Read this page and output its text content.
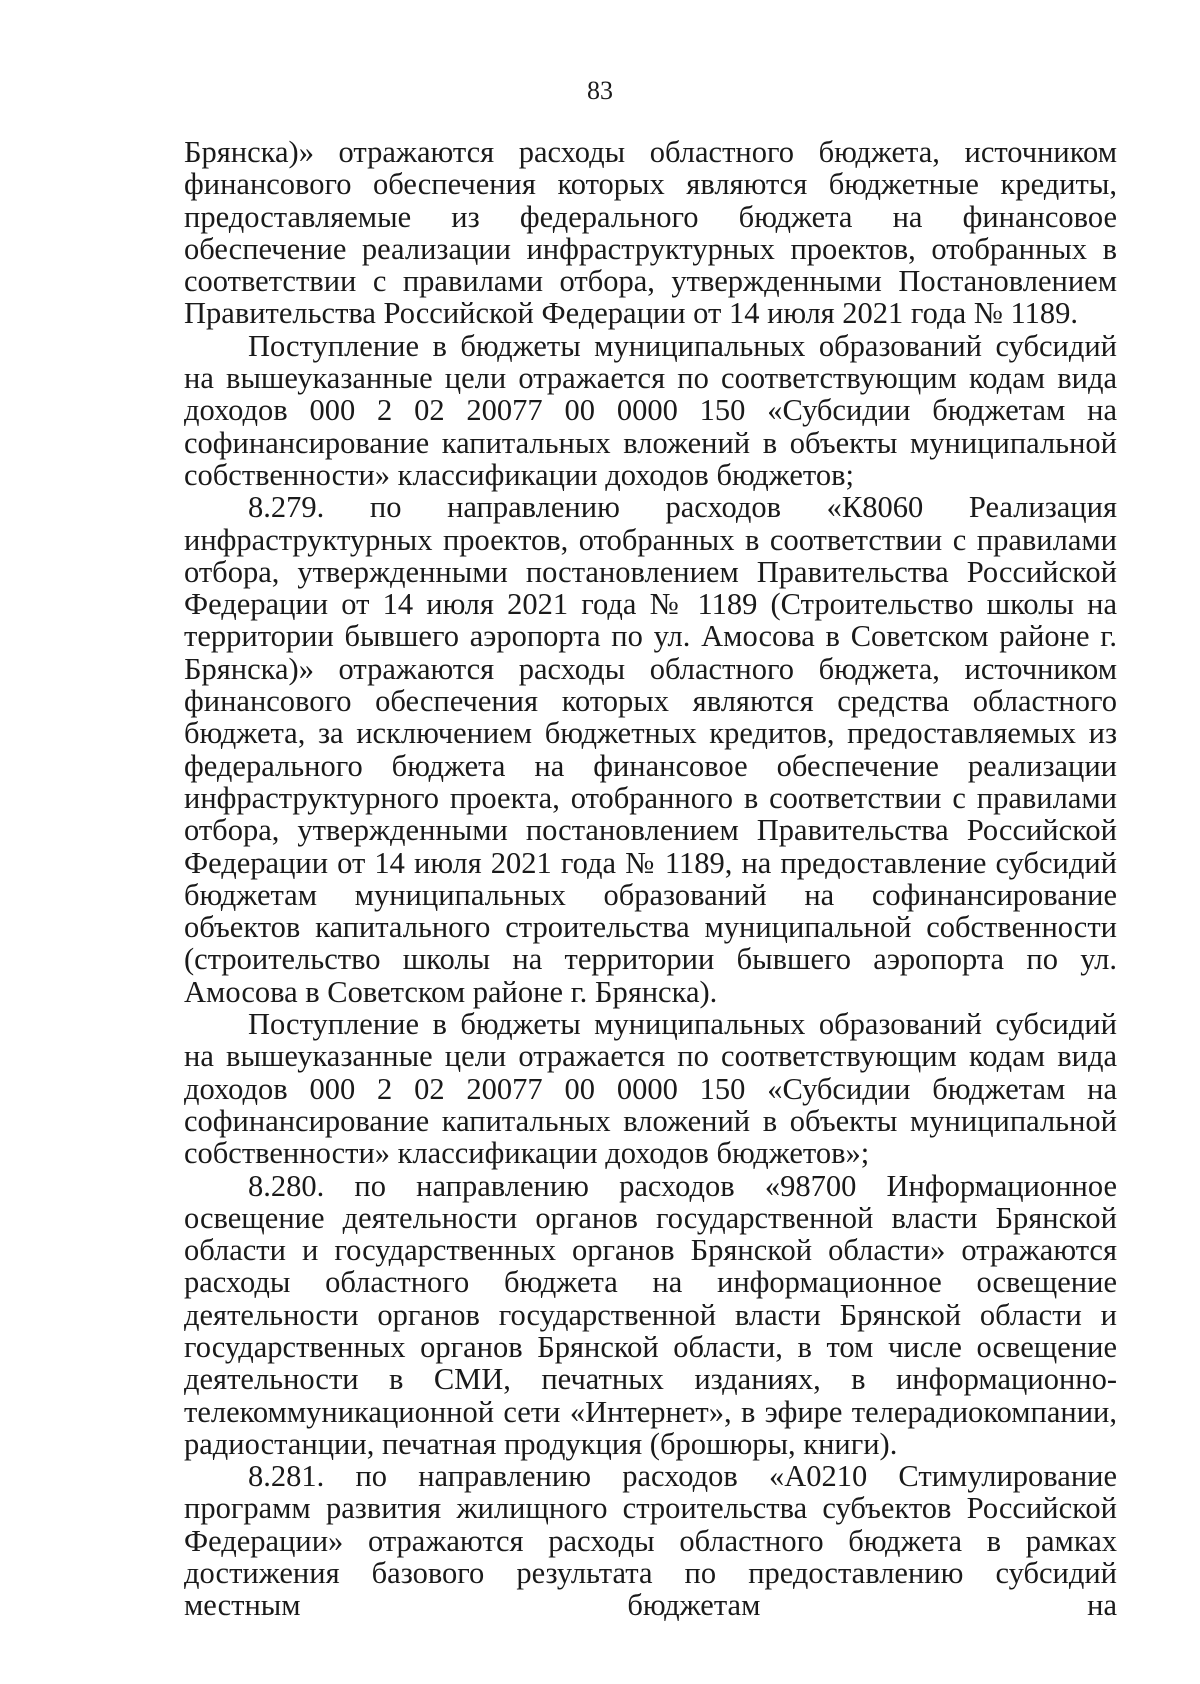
83

Брянска)» отражаются расходы областного бюджета, источником финансового обеспечения которых являются бюджетные кредиты, предоставляемые из федерального бюджета на финансовое обеспечение реализации инфраструктурных проектов, отобранных в соответствии с правилами отбора, утвержденными Постановлением Правительства Российской Федерации от 14 июля 2021 года № 1189.

Поступление в бюджеты муниципальных образований субсидий на вышеуказанные цели отражается по соответствующим кодам вида доходов 000 2 02 20077 00 0000 150 «Субсидии бюджетам на софинансирование капитальных вложений в объекты муниципальной собственности» классификации доходов бюджетов;

8.279. по направлению расходов «К8060 Реализация инфраструктурных проектов, отобранных в соответствии с правилами отбора, утвержденными постановлением Правительства Российской Федерации от 14 июля 2021 года № 1189 (Строительство школы на территории бывшего аэропорта по ул. Амосова в Советском районе г. Брянска)» отражаются расходы областного бюджета, источником финансового обеспечения которых являются средства областного бюджета, за исключением бюджетных кредитов, предоставляемых из федерального бюджета на финансовое обеспечение реализации инфраструктурного проекта, отобранного в соответствии с правилами отбора, утвержденными постановлением Правительства Российской Федерации от 14 июля 2021 года № 1189, на предоставление субсидий бюджетам муниципальных образований на софинансирование объектов капитального строительства муниципальной собственности (строительство школы на территории бывшего аэропорта по ул. Амосова в Советском районе г. Брянска).

Поступление в бюджеты муниципальных образований субсидий на вышеуказанные цели отражается по соответствующим кодам вида доходов 000 2 02 20077 00 0000 150 «Субсидии бюджетам на софинансирование капитальных вложений в объекты муниципальной собственности» классификации доходов бюджетов»;

8.280. по направлению расходов «98700 Информационное освещение деятельности органов государственной власти Брянской области и государственных органов Брянской области» отражаются расходы областного бюджета на информационное освещение деятельности органов государственной власти Брянской области и государственных органов Брянской области, в том числе освещение деятельности в СМИ, печатных изданиях, в информационно-телекоммуникационной сети «Интернет», в эфире телерадиокомпании, радиостанции, печатная продукция (брошюры, книги).

8.281. по направлению расходов «А0210 Стимулирование программ развития жилищного строительства субъектов Российской Федерации» отражаются расходы областного бюджета в рамках достижения базового результата по предоставлению субсидий местным бюджетам на
